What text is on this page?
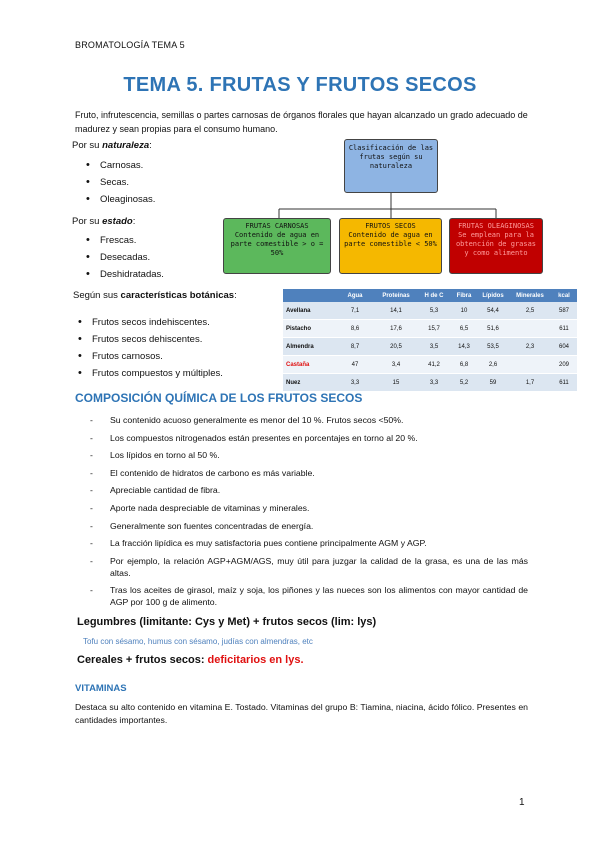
BROMATOLOGÍA TEMA 5
TEMA 5. FRUTAS Y FRUTOS SECOS
Fruto, infrutescencia, semillas o partes carnosas de órganos florales que hayan alcanzado un grado adecuado de madurez y sean propias para el consumo humano.
Por su naturaleza:
• Carnosas.
• Secas.
• Oleaginosas.
Por su estado:
• Frescas.
• Desecadas.
• Deshidratadas.
Clasificación de las frutas según su naturaleza
FRUTAS CARNOSAS
Contenido de agua en parte comestible > o = 50%
FRUTOS SECOS
Contenido de agua en parte comestible < 50%
FRUTAS OLEAGINOSAS
Se emplean para la obtención de grasas y como alimento
Según sus características botánicas:
• Frutos secos indehiscentes.
• Frutos secos dehiscentes.
• Frutos carnosos.
• Frutos compuestos y múltiples.
	Agua	Proteínas	H de C	Fibra	Lípidos	Minerales	kcal
Avellana	7,1	14,1	5,3	10	54,4	2,5	587
Pistacho	8,6	17,6	15,7	6,5	51,6		611
Almendra	8,7	20,5	3,5	14,3	53,5	2,3	604
Castaña	47	3,4	41,2	6,8	2,6		209
Nuez	3,3	15	3,3	5,2	59	1,7	611
COMPOSICIÓN QUÍMICA DE LOS FRUTOS SECOS
- Su contenido acuoso generalmente es menor del 10 %. Frutos secos <50%.
- Los compuestos nitrogenados están presentes en porcentajes en torno al 20 %.
- Los lípidos en torno al 50 %.
- El contenido de hidratos de carbono es más variable.
- Apreciable cantidad de fibra.
- Aporte nada despreciable de vitaminas y minerales.
- Generalmente son fuentes concentradas de energía.
- La fracción lipídica es muy satisfactoria pues contiene principalmente AGM y AGP.
- Por ejemplo, la relación AGP+AGM/AGS, muy útil para juzgar la calidad de la grasa, es una de las más altas.
- Tras los aceites de girasol, maíz y soja, los piñones y las nueces son los alimentos con mayor cantidad de AGP por 100 g de alimento.
Legumbres (limitante: Cys y Met) + frutos secos (lim: lys)
Tofu con sésamo, humus con sésamo, judías con almendras, etc
Cereales + frutos secos: deficitarios en lys.
VITAMINAS
Destaca su alto contenido en vitamina E. Tostado. Vitaminas del grupo B: Tiamina, niacina, ácido fólico. Presentes en cantidades importantes.
1
